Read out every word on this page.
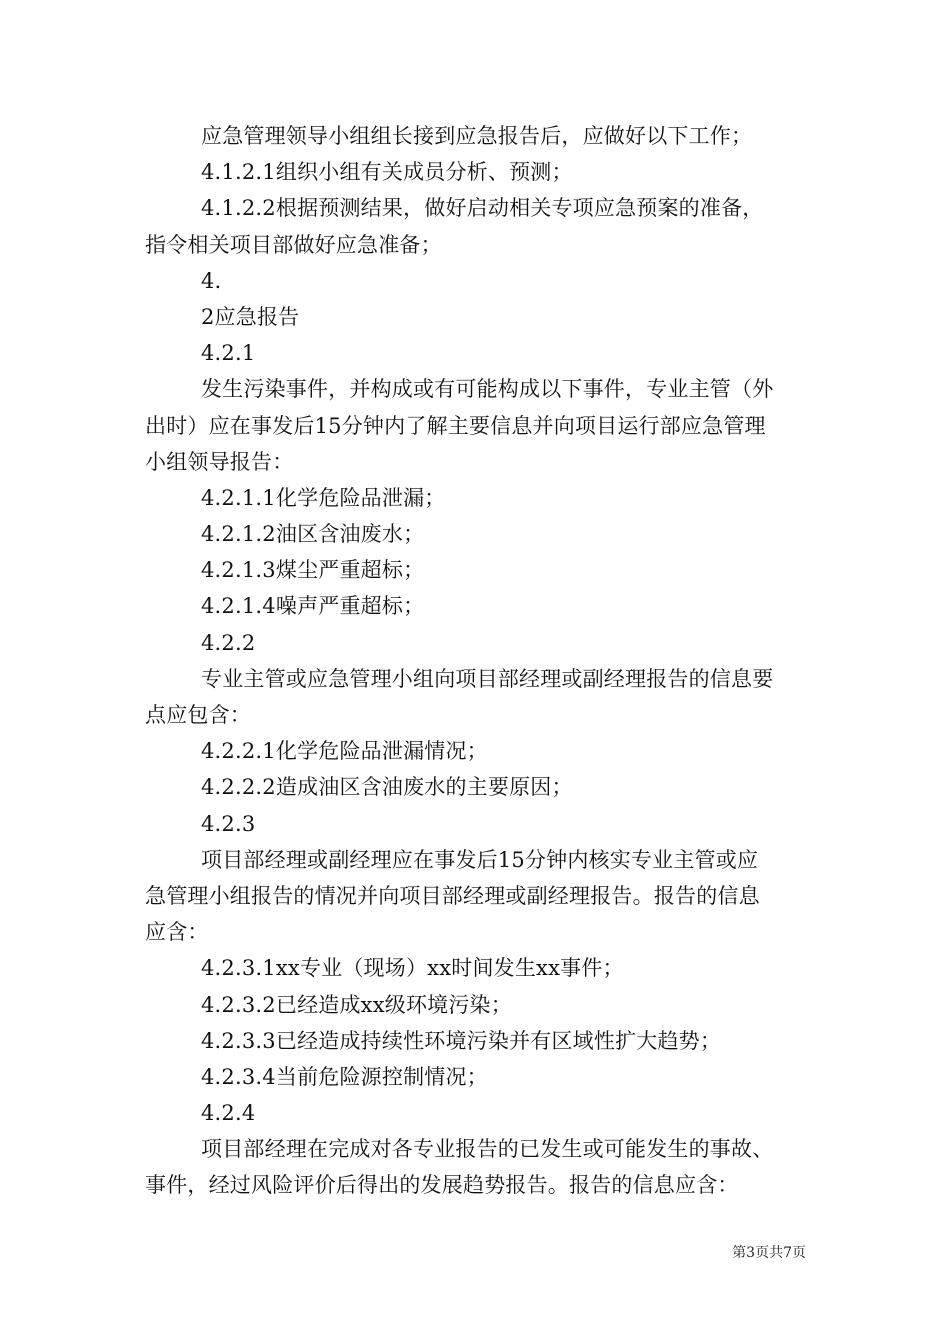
应急管理领导小组组长接到应急报告后，应做好以下工作；
4.1.2.1组织小组有关成员分析、预测；
4.1.2.2根据预测结果，做好启动相关专项应急预案的准备，
指令相关项目部做好应急准备；
4.
2应急报告
4.2.1
发生污染事件，并构成或有可能构成以下事件，专业主管（外
出时）应在事发后15分钟内了解主要信息并向项目运行部应急管理
小组领导报告：
4.2.1.1化学危险品泄漏；
4.2.1.2油区含油废水；
4.2.1.3煤尘严重超标；
4.2.1.4噪声严重超标；
4.2.2
专业主管或应急管理小组向项目部经理或副经理报告的信息要
点应包含：
4.2.2.1化学危险品泄漏情况；
4.2.2.2造成油区含油废水的主要原因；
4.2.3
项目部经理或副经理应在事发后15分钟内核实专业主管或应
急管理小组报告的情况并向项目部经理或副经理报告。报告的信息
应含：
4.2.3.1xx专业（现场）xx时间发生xx事件；
4.2.3.2已经造成xx级环境污染；
4.2.3.3已经造成持续性环境污染并有区域性扩大趋势；
4.2.3.4当前危险源控制情况；
4.2.4
项目部经理在完成对各专业报告的已发生或可能发生的事故、
事件，经过风险评价后得出的发展趋势报告。报告的信息应含：
第3页共7页
